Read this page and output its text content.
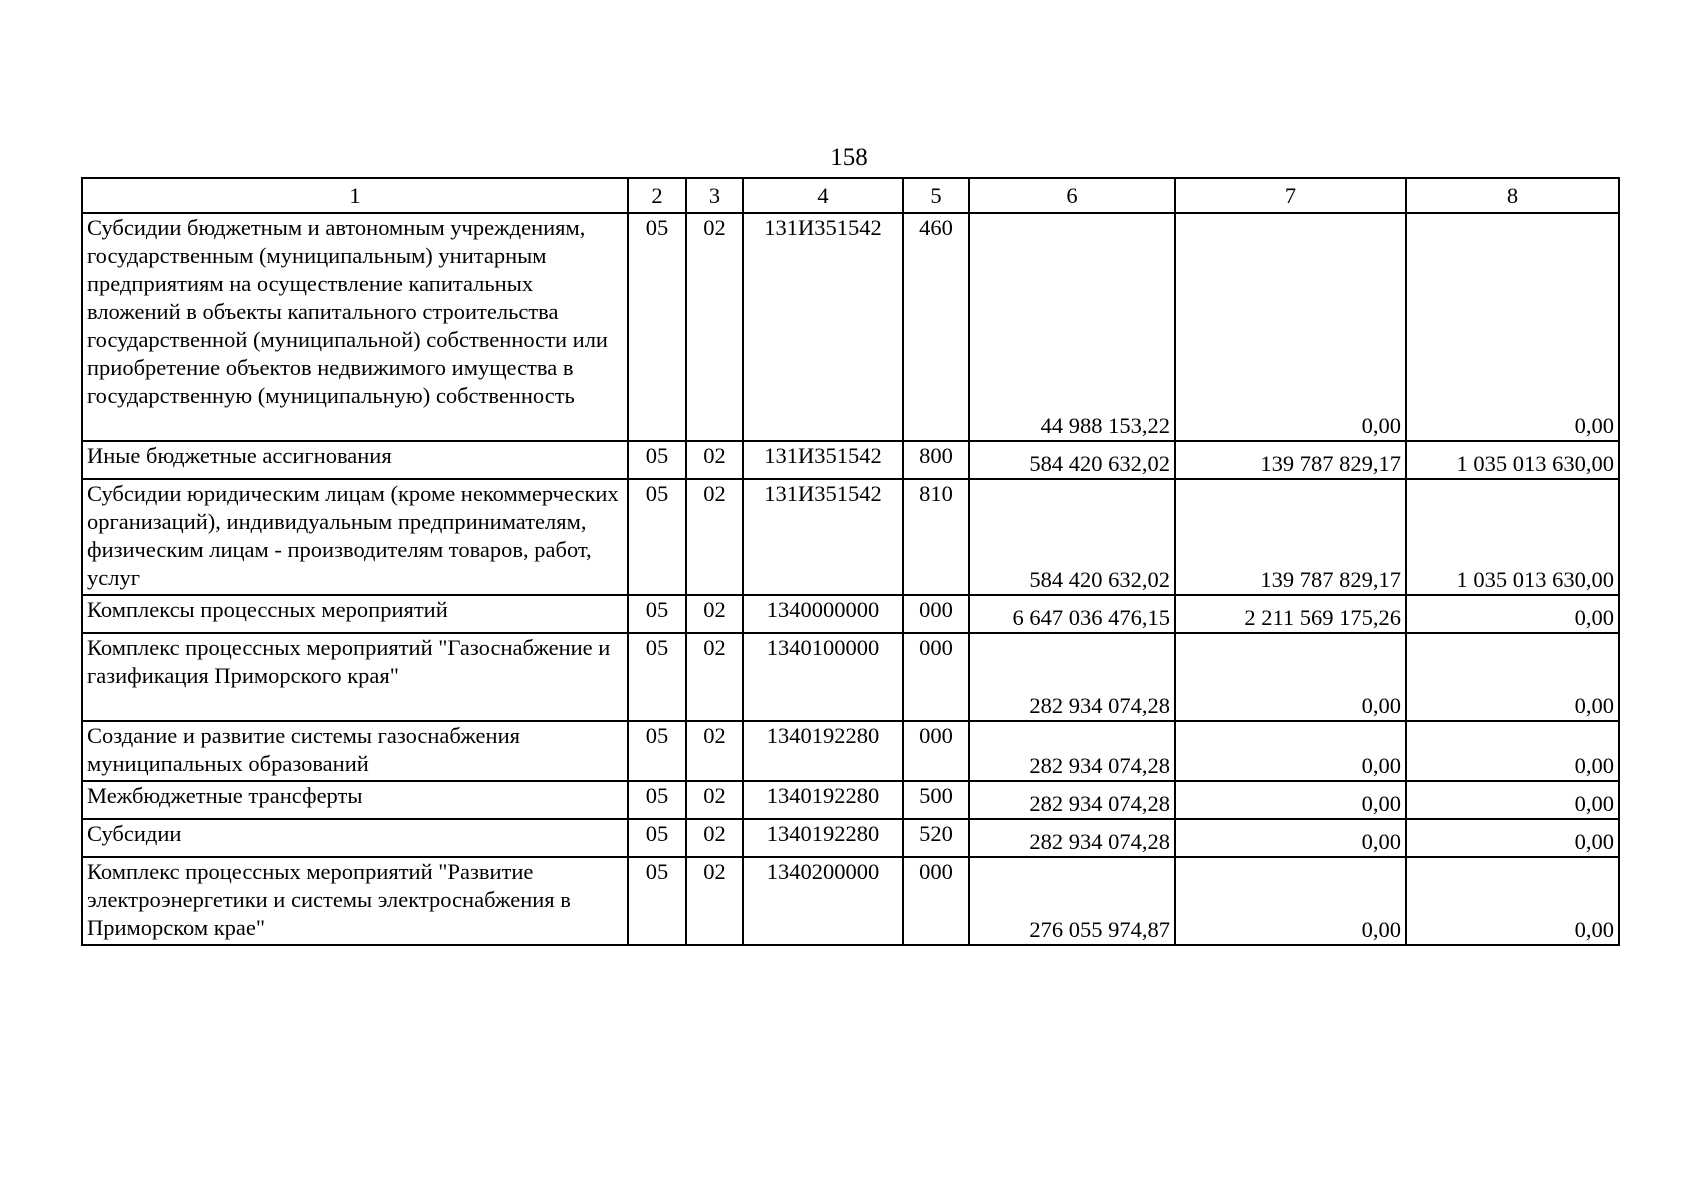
158
1	2	3	4	5	6	7	8
Субсидии бюджетным и автономным учреждениям, государственным (муниципальным) унитарным предприятиям на осуществление капитальных вложений в объекты капитального строительства государственной (муниципальной) собственности или приобретение объектов недвижимого имущества в государственную (муниципальную) собственность	05	02	131И351542	460	44 988 153,22	0,00	0,00
Иные бюджетные ассигнования	05	02	131И351542	800	584 420 632,02	139 787 829,17	1 035 013 630,00
Субсидии юридическим лицам (кроме некоммерческих организаций), индивидуальным предпринимателям, физическим лицам - производителям товаров, работ, услуг	05	02	131И351542	810	584 420 632,02	139 787 829,17	1 035 013 630,00
Комплексы процессных мероприятий	05	02	1340000000	000	6 647 036 476,15	2 211 569 175,26	0,00
Комплекс процессных мероприятий "Газоснабжение и газификация Приморского края"	05	02	1340100000	000	282 934 074,28	0,00	0,00
Создание и развитие системы газоснабжения муниципальных образований	05	02	1340192280	000	282 934 074,28	0,00	0,00
Межбюджетные трансферты	05	02	1340192280	500	282 934 074,28	0,00	0,00
Субсидии	05	02	1340192280	520	282 934 074,28	0,00	0,00
Комплекс процессных мероприятий "Развитие электроэнергетики и системы электроснабжения в Приморском крае"	05	02	1340200000	000	276 055 974,87	0,00	0,00
